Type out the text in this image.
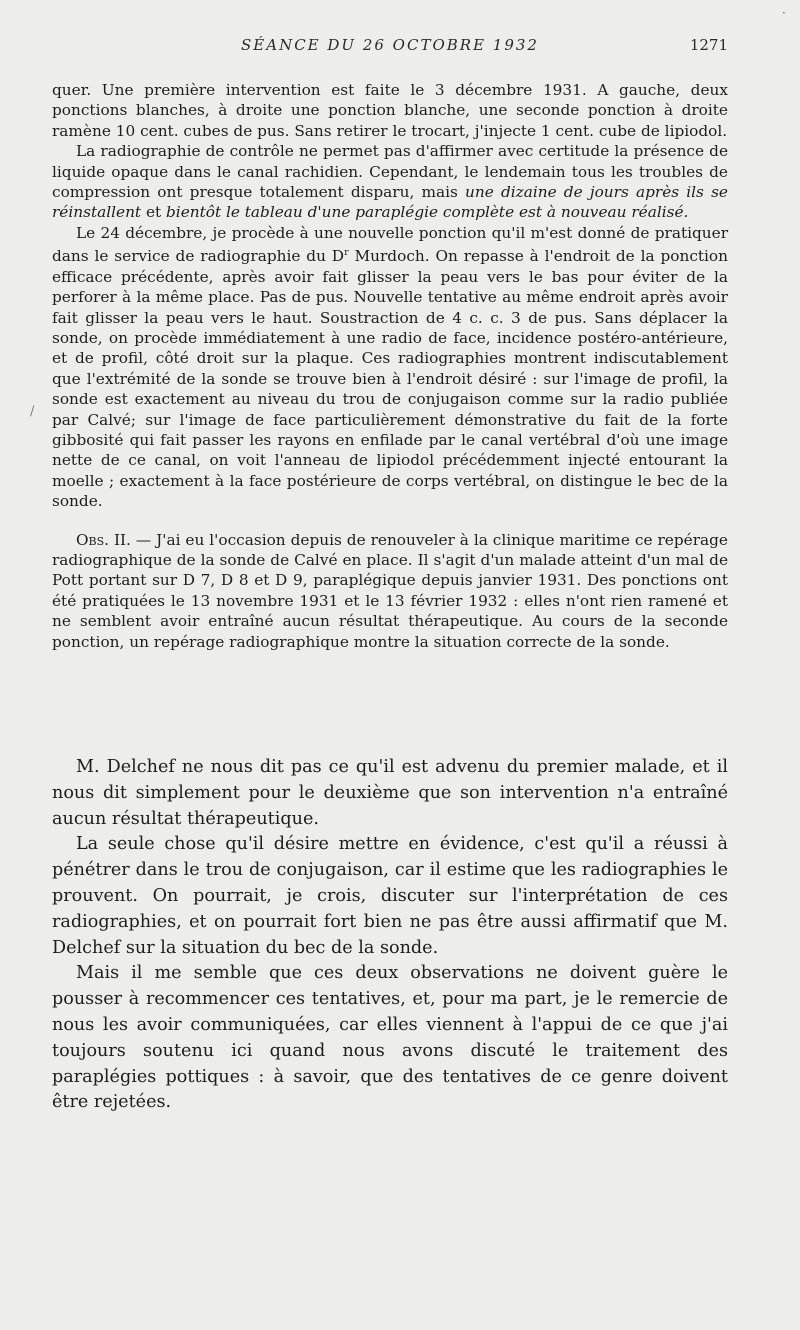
·
SÉANCE DU 26 OCTOBRE 1932	1271
/

quer. Une première intervention est faite le 3 décembre 1931. A gauche, deux ponctions blanches, à droite une ponction blanche, une seconde ponction à droite ramène 10 cent. cubes de pus. Sans retirer le trocart, j'injecte 1 cent. cube de lipiodol.

La radiographie de contrôle ne permet pas d'affirmer avec certitude la présence de liquide opaque dans le canal rachidien. Cependant, le lendemain tous les troubles de compression ont presque totalement disparu, mais une dizaine de jours après ils se réinstallent et bientôt le tableau d'une paraplégie complète est à nouveau réalisé.

Le 24 décembre, je procède à une nouvelle ponction qu'il m'est donné de pratiquer dans le service de radiographie du $D^r$ Murdoch. On repasse à l'endroit de la ponction efficace précédente, après avoir fait glisser la peau vers le bas pour éviter de la perforer à la même place. Pas de pus. Nouvelle tentative au même endroit après avoir fait glisser la peau vers le haut. Soustraction de 4 c. c. 3 de pus. Sans déplacer la sonde, on procède immédiatement à une radio de face, incidence postéro-antérieure, et de profil, côté droit sur la plaque. Ces radiographies montrent indiscutablement que l'extrémité de la sonde se trouve bien à l'endroit désiré : sur l'image de profil, la sonde est exactement au niveau du trou de conjugaison comme sur la radio publiée par Calvé; sur l'image de face particulièrement démonstrative du fait de la forte gibbosité qui fait passer les rayons en enfilade par le canal vertébral d'où une image nette de ce canal, on voit l'anneau de lipiodol précédemment injecté entourant la moelle ; exactement à la face postérieure de corps vertébral, on distingue le bec de la sonde.

Obs. II. — J'ai eu l'occasion depuis de renouveler à la clinique maritime ce repérage radiographique de la sonde de Calvé en place. Il s'agit d'un malade atteint d'un mal de Pott portant sur D 7, D 8 et D 9, paraplégique depuis janvier 1931. Des ponctions ont été pratiquées le 13 novembre 1931 et le 13 février 1932 : elles n'ont rien ramené et ne semblent avoir entraîné aucun résultat thérapeutique. Au cours de la seconde ponction, un repérage radiographique montre la situation correcte de la sonde.

M. Delchef ne nous dit pas ce qu'il est advenu du premier malade, et il nous dit simplement pour le deuxième que son intervention n'a entraîné aucun résultat thérapeutique.

La seule chose qu'il désire mettre en évidence, c'est qu'il a réussi à pénétrer dans le trou de conjugaison, car il estime que les radiographies le prouvent. On pourrait, je crois, discuter sur l'interprétation de ces radiographies, et on pourrait fort bien ne pas être aussi affirmatif que M. Delchef sur la situation du bec de la sonde.

Mais il me semble que ces deux observations ne doivent guère le pousser à recommencer ces tentatives, et, pour ma part, je le remercie de nous les avoir communiquées, car elles viennent à l'appui de ce que j'ai toujours soutenu ici quand nous avons discuté le traitement des paraplégies pottiques : à savoir, que des tentatives de ce genre doivent être rejetées.
